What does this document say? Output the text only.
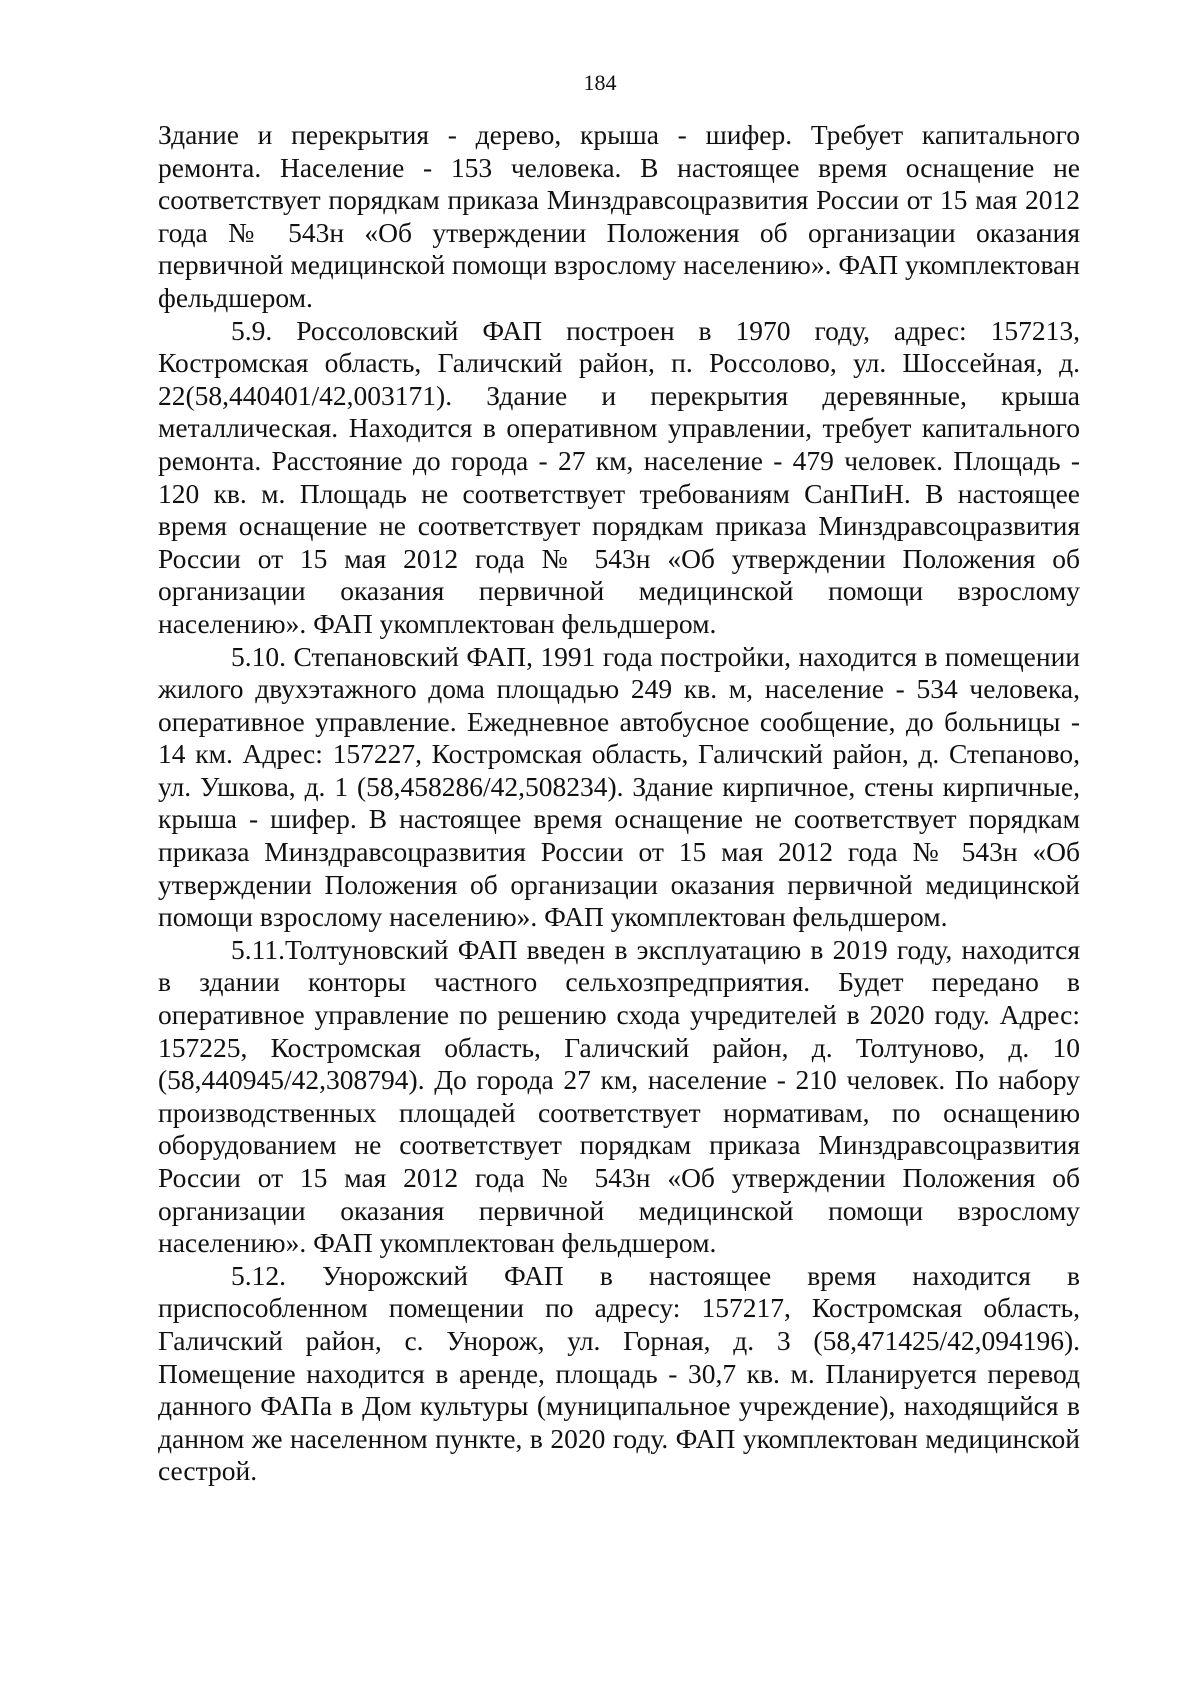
184

Здание и перекрытия - дерево, крыша - шифер. Требует капитального ремонта. Население - 153 человека. В настоящее время оснащение не соответствует порядкам приказа Минздравсоцразвития России от 15 мая 2012 года № 543н «Об утверждении Положения об организации оказания первичной медицинской помощи взрослому населению». ФАП укомплектован фельдшером.

5.9. Россоловский ФАП построен в 1970 году, адрес: 157213, Костромская область, Галичский район, п. Россолово, ул. Шоссейная, д. 22(58,440401/42,003171). Здание и перекрытия деревянные, крыша металлическая. Находится в оперативном управлении, требует капитального ремонта. Расстояние до города - 27 км, население - 479 человек. Площадь - 120 кв. м. Площадь не соответствует требованиям СанПиН. В настоящее время оснащение не соответствует порядкам приказа Минздравсоцразвития России от 15 мая 2012 года № 543н «Об утверждении Положения об организации оказания первичной медицинской помощи взрослому населению». ФАП укомплектован фельдшером.

5.10. Степановский ФАП, 1991 года постройки, находится в помещении жилого двухэтажного дома площадью 249 кв. м, население - 534 человека, оперативное управление. Ежедневное автобусное сообщение, до больницы - 14 км. Адрес: 157227, Костромская область, Галичский район, д. Степаново, ул. Ушкова, д. 1 (58,458286/42,508234). Здание кирпичное, стены кирпичные, крыша - шифер. В настоящее время оснащение не соответствует порядкам приказа Минздравсоцразвития России от 15 мая 2012 года № 543н «Об утверждении Положения об организации оказания первичной медицинской помощи взрослому населению». ФАП укомплектован фельдшером.

5.11.Толтуновский ФАП введен в эксплуатацию в 2019 году, находится в здании конторы частного сельхозпредприятия. Будет передано в оперативное управление по решению схода учредителей в 2020 году. Адрес: 157225, Костромская область, Галичский район, д. Толтуново, д. 10 (58,440945/42,308794). До города 27 км, население - 210 человек. По набору производственных площадей соответствует нормативам, по оснащению оборудованием не соответствует порядкам приказа Минздравсоцразвития России от 15 мая 2012 года № 543н «Об утверждении Положения об организации оказания первичной медицинской помощи взрослому населению». ФАП укомплектован фельдшером.

5.12. Унорожский ФАП в настоящее время находится в приспособленном помещении по адресу: 157217, Костромская область, Галичский район, с. Унорож, ул. Горная, д. 3 (58,471425/42,094196). Помещение находится в аренде, площадь - 30,7 кв. м. Планируется перевод данного ФАПа в Дом культуры (муниципальное учреждение), находящийся в данном же населенном пункте, в 2020 году. ФАП укомплектован медицинской сестрой.
